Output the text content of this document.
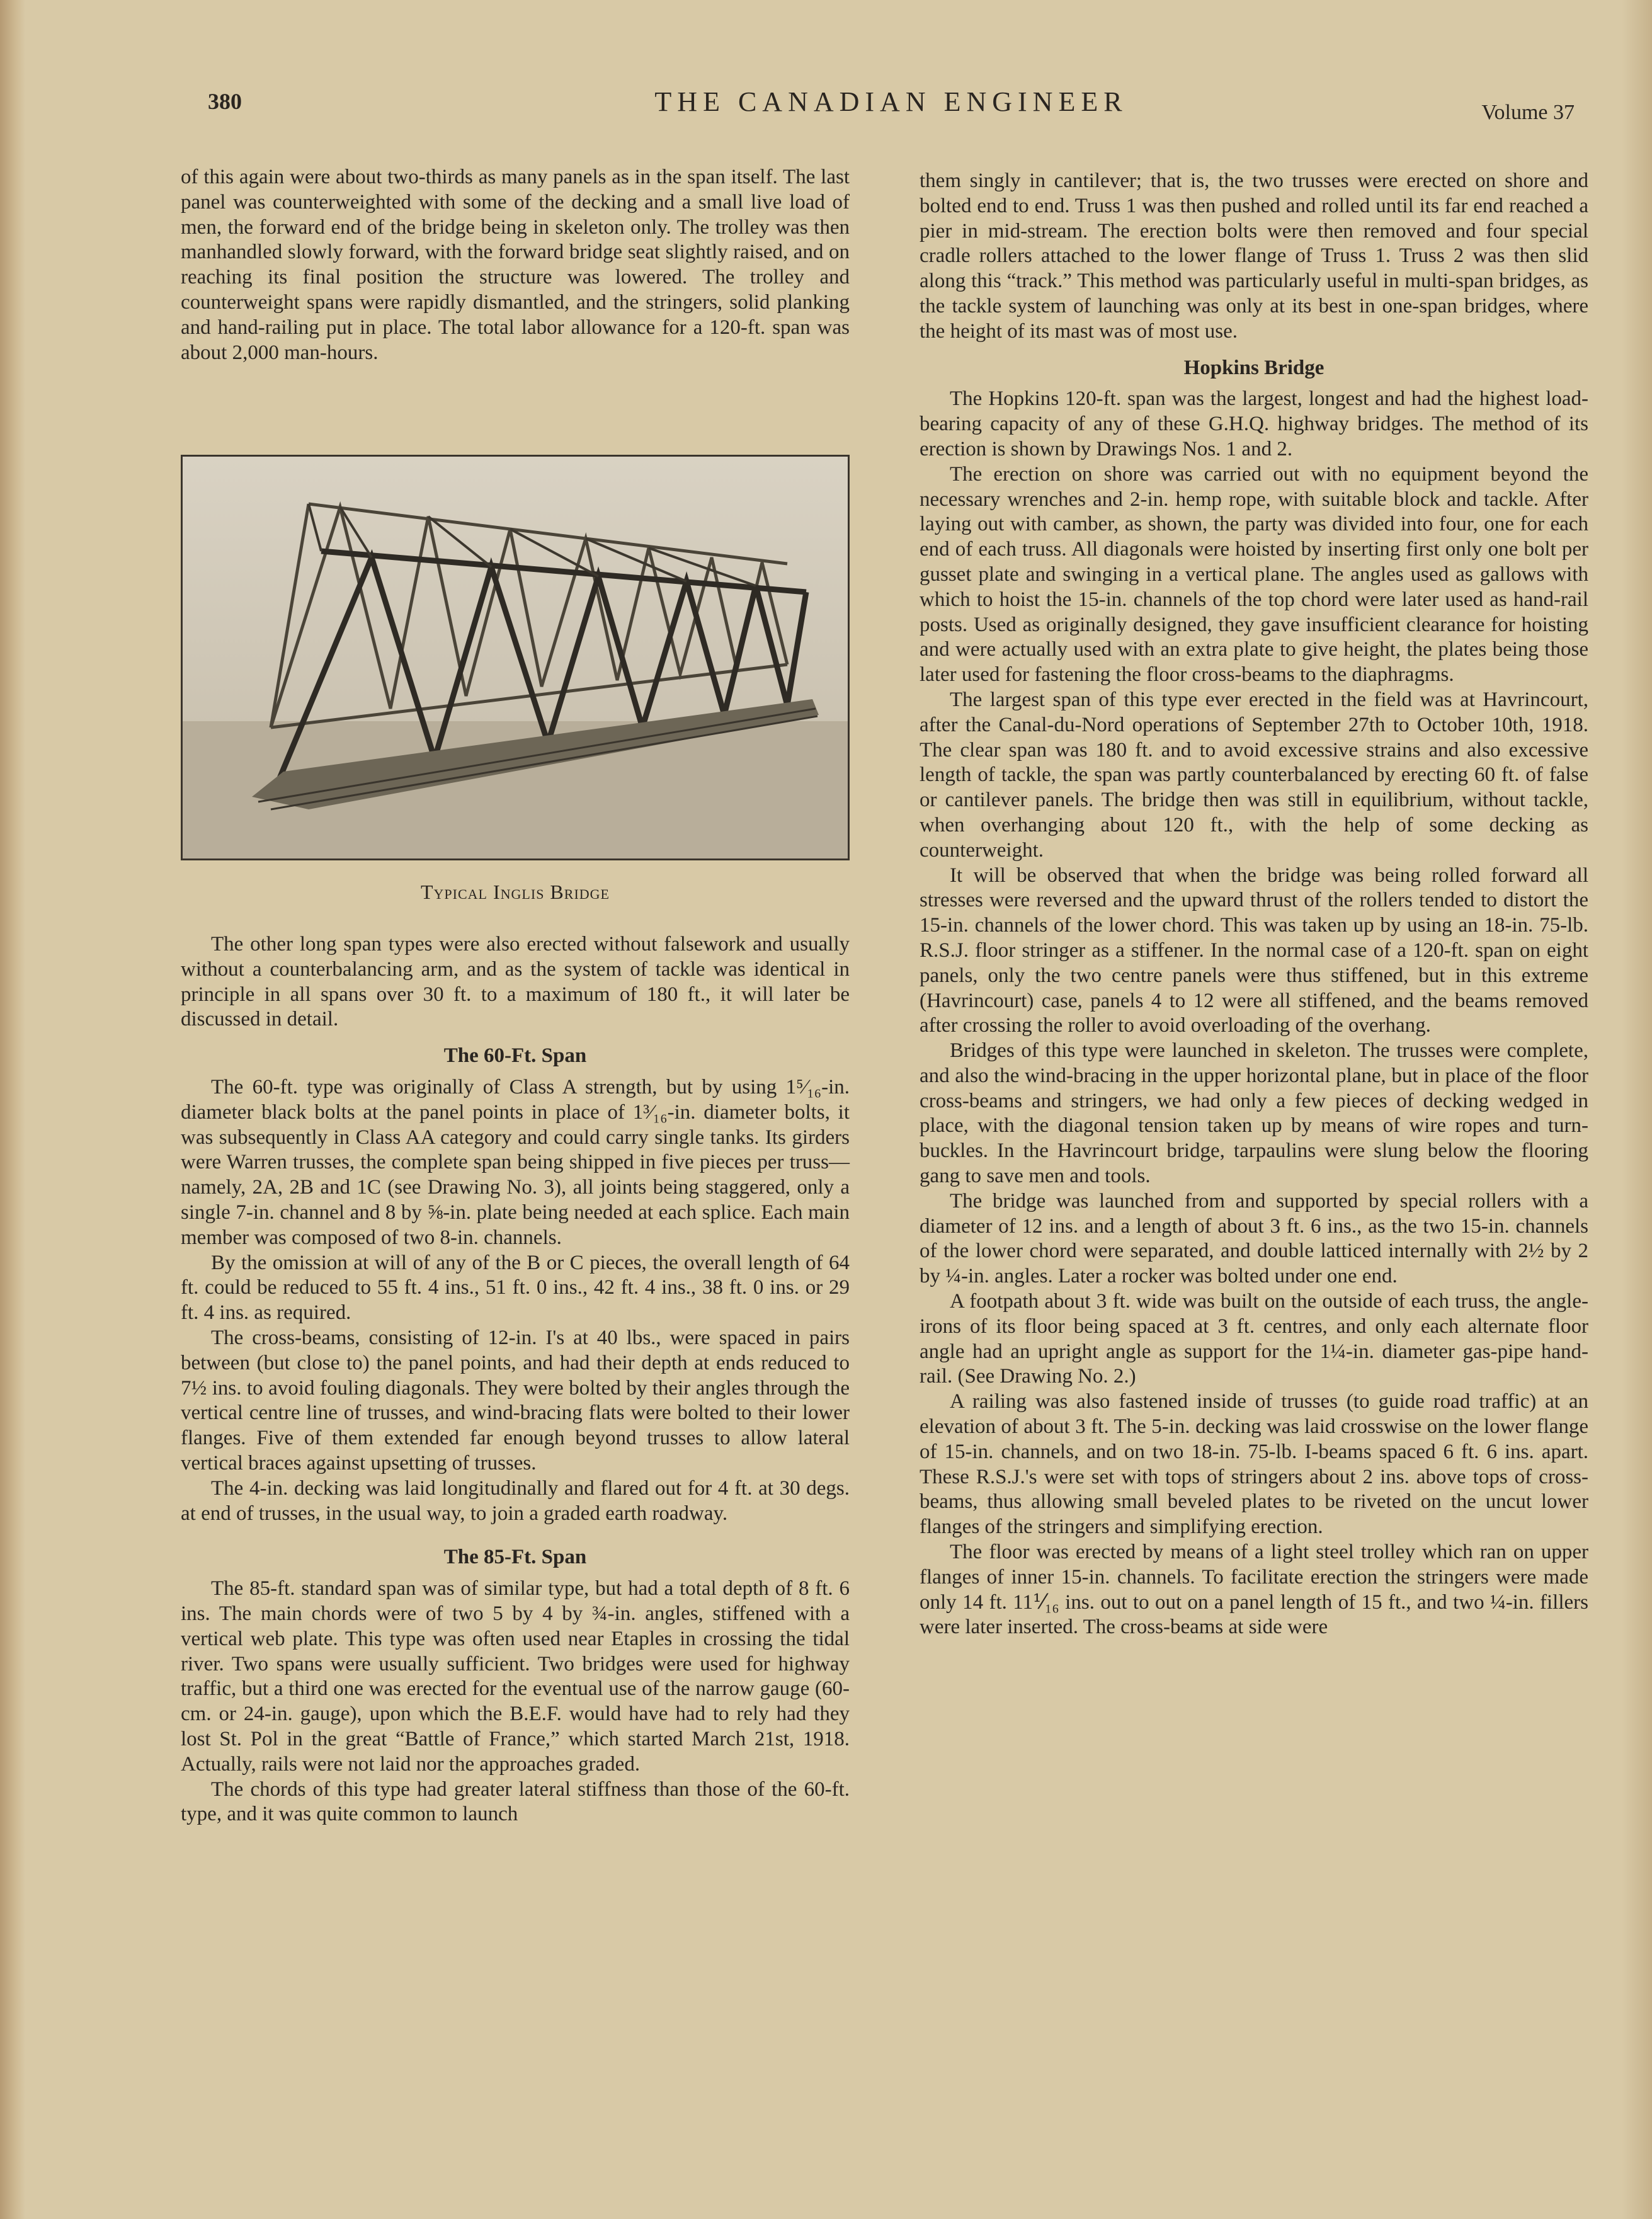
380	THE CANADIAN ENGINEER	Volume 37

of this again were about two-thirds as many panels as in the span itself. The last panel was counterweighted with some of the decking and a small live load of men, the forward end of the bridge being in skeleton only. The trolley was then manhandled slowly forward, with the forward bridge seat slightly raised, and on reaching its final position the structure was lowered. The trolley and counterweight spans were rapidly dismantled, and the stringers, solid planking and hand-railing put in place. The total labor allowance for a 120-ft. span was about 2,000 man-hours.

Typical Inglis Bridge

The other long span types were also erected without falsework and usually without a counterbalancing arm, and as the system of tackle was identical in principle in all spans over 30 ft. to a maximum of 180 ft., it will later be discussed in detail.

The 60-Ft. Span

The 60-ft. type was originally of Class A strength, but by using 1⁵⁄₁₆-in. diameter black bolts at the panel points in place of 1³⁄₁₆-in. diameter bolts, it was subsequently in Class AA category and could carry single tanks. Its girders were Warren trusses, the complete span being shipped in five pieces per truss—namely, 2A, 2B and 1C (see Drawing No. 3), all joints being staggered, only a single 7-in. channel and 8 by ⅝-in. plate being needed at each splice. Each main member was composed of two 8-in. channels.

By the omission at will of any of the B or C pieces, the overall length of 64 ft. could be reduced to 55 ft. 4 ins., 51 ft. 0 ins., 42 ft. 4 ins., 38 ft. 0 ins. or 29 ft. 4 ins. as required.

The cross-beams, consisting of 12-in. I's at 40 lbs., were spaced in pairs between (but close to) the panel points, and had their depth at ends reduced to 7½ ins. to avoid fouling diagonals. They were bolted by their angles through the vertical centre line of trusses, and wind-bracing flats were bolted to their lower flanges. Five of them extended far enough beyond trusses to allow lateral vertical braces against upsetting of trusses.

The 4-in. decking was laid longitudinally and flared out for 4 ft. at 30 degs. at end of trusses, in the usual way, to join a graded earth roadway.

The 85-Ft. Span

The 85-ft. standard span was of similar type, but had a total depth of 8 ft. 6 ins. The main chords were of two 5 by 4 by ¾-in. angles, stiffened with a vertical web plate. This type was often used near Etaples in crossing the tidal river. Two spans were usually sufficient. Two bridges were used for highway traffic, but a third one was erected for the eventual use of the narrow gauge (60-cm. or 24-in. gauge), upon which the B.E.F. would have had to rely had they lost St. Pol in the great “Battle of France,” which started March 21st, 1918. Actually, rails were not laid nor the approaches graded.

The chords of this type had greater lateral stiffness than those of the 60-ft. type, and it was quite common to launch

them singly in cantilever; that is, the two trusses were erected on shore and bolted end to end. Truss 1 was then pushed and rolled until its far end reached a pier in mid-stream. The erection bolts were then removed and four special cradle rollers attached to the lower flange of Truss 1. Truss 2 was then slid along this “track.” This method was particularly useful in multi-span bridges, as the tackle system of launching was only at its best in one-span bridges, where the height of its mast was of most use.

Hopkins Bridge

The Hopkins 120-ft. span was the largest, longest and had the highest load-bearing capacity of any of these G.H.Q. highway bridges. The method of its erection is shown by Drawings Nos. 1 and 2.

The erection on shore was carried out with no equipment beyond the necessary wrenches and 2-in. hemp rope, with suitable block and tackle. After laying out with camber, as shown, the party was divided into four, one for each end of each truss. All diagonals were hoisted by inserting first only one bolt per gusset plate and swinging in a vertical plane. The angles used as gallows with which to hoist the 15-in. channels of the top chord were later used as hand-rail posts. Used as originally designed, they gave insufficient clearance for hoisting and were actually used with an extra plate to give height, the plates being those later used for fastening the floor cross-beams to the diaphragms.

The largest span of this type ever erected in the field was at Havrincourt, after the Canal-du-Nord operations of September 27th to October 10th, 1918. The clear span was 180 ft. and to avoid excessive strains and also excessive length of tackle, the span was partly counterbalanced by erecting 60 ft. of false or cantilever panels. The bridge then was still in equilibrium, without tackle, when overhanging about 120 ft., with the help of some decking as counterweight.

It will be observed that when the bridge was being rolled forward all stresses were reversed and the upward thrust of the rollers tended to distort the 15-in. channels of the lower chord. This was taken up by using an 18-in. 75-lb. R.S.J. floor stringer as a stiffener. In the normal case of a 120-ft. span on eight panels, only the two centre panels were thus stiffened, but in this extreme (Havrincourt) case, panels 4 to 12 were all stiffened, and the beams removed after crossing the roller to avoid overloading of the overhang.

Bridges of this type were launched in skeleton. The trusses were complete, and also the wind-bracing in the upper horizontal plane, but in place of the floor cross-beams and stringers, we had only a few pieces of decking wedged in place, with the diagonal tension taken up by means of wire ropes and turn-buckles. In the Havrincourt bridge, tarpaulins were slung below the flooring gang to save men and tools.

The bridge was launched from and supported by special rollers with a diameter of 12 ins. and a length of about 3 ft. 6 ins., as the two 15-in. channels of the lower chord were separated, and double latticed internally with 2½ by 2 by ¼-in. angles. Later a rocker was bolted under one end.

A footpath about 3 ft. wide was built on the outside of each truss, the angle-irons of its floor being spaced at 3 ft. centres, and only each alternate floor angle had an upright angle as support for the 1¼-in. diameter gas-pipe hand-rail. (See Drawing No. 2.)

A railing was also fastened inside of trusses (to guide road traffic) at an elevation of about 3 ft. The 5-in. decking was laid crosswise on the lower flange of 15-in. channels, and on two 18-in. 75-lb. I-beams spaced 6 ft. 6 ins. apart. These R.S.J.'s were set with tops of stringers about 2 ins. above tops of cross-beams, thus allowing small beveled plates to be riveted on the uncut lower flanges of the stringers and simplifying erection.

The floor was erected by means of a light steel trolley which ran on upper flanges of inner 15-in. channels. To facilitate erection the stringers were made only 14 ft. 11⅟₁₆ ins. out to out on a panel length of 15 ft., and two ¼-in. fillers were later inserted. The cross-beams at side were
